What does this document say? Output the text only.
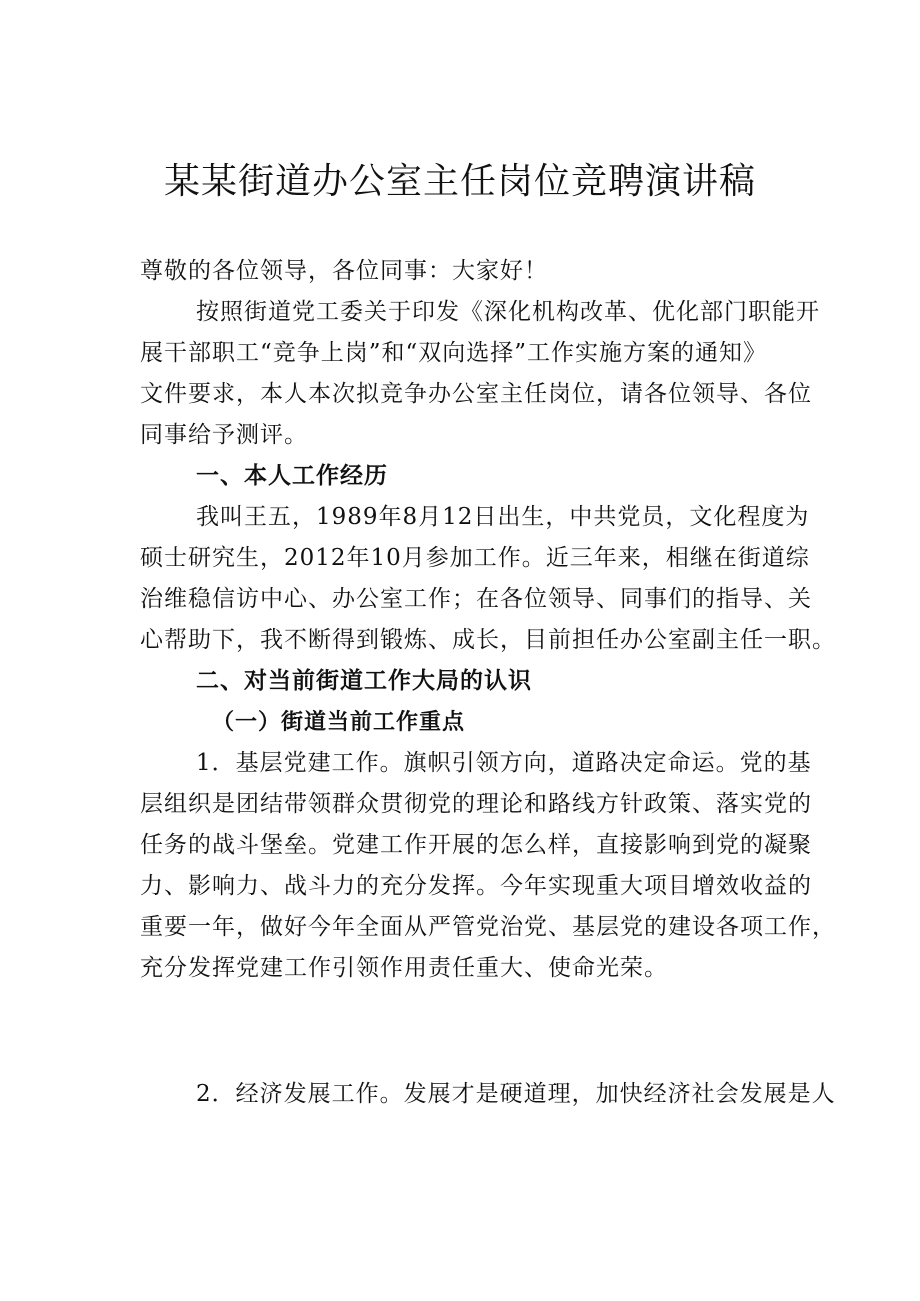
某某街道办公室主任岗位竞聘演讲稿
尊敬的各位领导，各位同事：大家好！
按照街道党工委关于印发《深化机构改革、优化部门职能开
展干部职工“竞争上岗”和“双向选择”工作实施方案的通知》
文件要求，本人本次拟竞争办公室主任岗位，请各位领导、各位
同事给予测评。
一、本人工作经历
我叫王五，1989年8月12日出生，中共党员，文化程度为
硕士研究生，2012年10月参加工作。近三年来，相继在街道综
治维稳信访中心、办公室工作；在各位领导、同事们的指导、关
心帮助下，我不断得到锻炼、成长，目前担任办公室副主任一职。
二、对当前街道工作大局的认识
（一）街道当前工作重点
1．基层党建工作。旗帜引领方向，道路决定命运。党的基
层组织是团结带领群众贯彻党的理论和路线方针政策、落实党的
任务的战斗堡垒。党建工作开展的怎么样，直接影响到党的凝聚
力、影响力、战斗力的充分发挥。今年实现重大项目增效收益的
重要一年，做好今年全面从严管党治党、基层党的建设各项工作，
充分发挥党建工作引领作用责任重大、使命光荣。
2．经济发展工作。发展才是硬道理，加快经济社会发展是人
